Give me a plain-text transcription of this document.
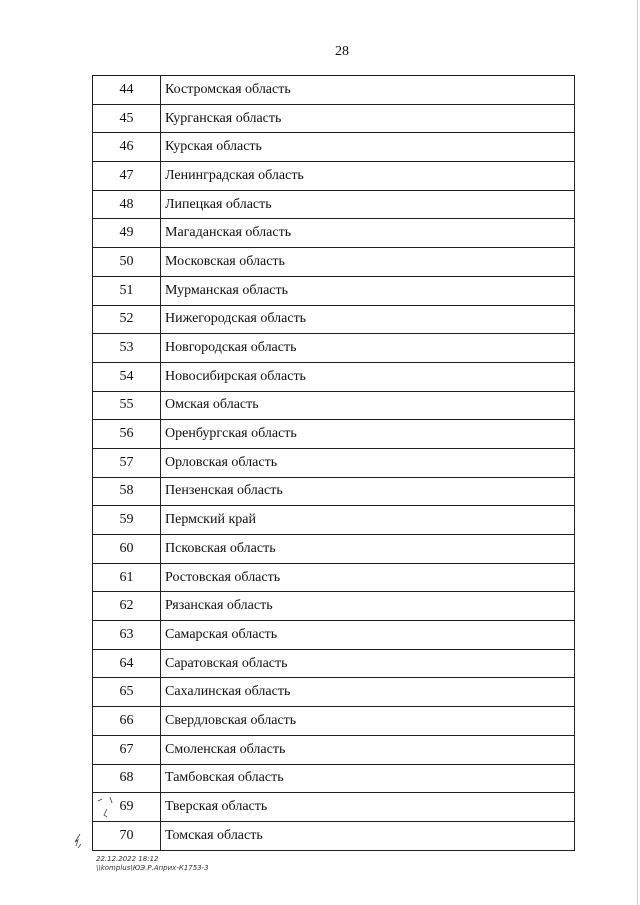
28
44	Костромская область
45	Курганская область
46	Курская область
47	Ленинградская область
48	Липецкая область
49	Магаданская область
50	Московская область
51	Мурманская область
52	Нижегородская область
53	Новгородская область
54	Новосибирская область
55	Омская область
56	Оренбургская область
57	Орловская область
58	Пензенская область
59	Пермский край
60	Псковская область
61	Ростовская область
62	Рязанская область
63	Самарская область
64	Саратовская область
65	Сахалинская область
66	Свердловская область
67	Смоленская область
68	Тамбовская область
69	Тверская область
70	Томская область
22.12.2022 18:12
\\komplus\ЮЭ.Р.Априх-К1753-3
